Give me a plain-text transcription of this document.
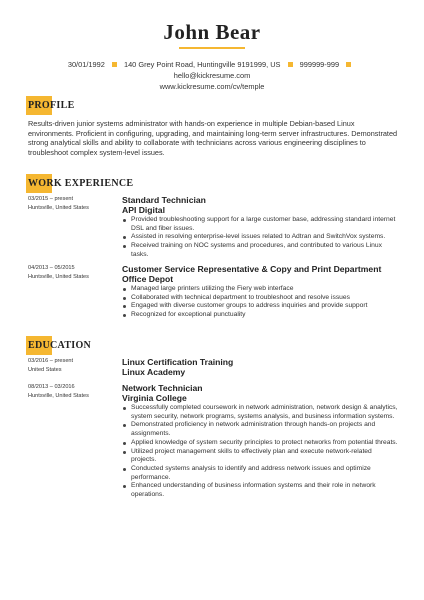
John Bear
30/01/1992	140 Grey Point Road, Huntingville 9191999, US	999999-999  hello@kickresume.com
www.kickresume.com/cv/temple
PROFILE
Results-driven junior systems administrator with hands-on experience in multiple Debian-based Linux environments. Proficient in configuring, upgrading, and maintaining long-term server infrastructures. Demonstrated strong analytical skills and ability to collaborate with technicians across various engineering disciplines to troubleshoot complex system-level issues.
WORK EXPERIENCE
03/2015 – present
Huntsville, United States
Standard Technician
API Digital
Provided troubleshooting support for a large customer base, addressing standard internet DSL and fiber issues.
Assisted in resolving enterprise-level issues related to Adtran and SwitchVox systems.
Received training on NOC systems and procedures, and contributed to various Linux tasks.
04/2013 – 05/2015
Huntsville, United States
Customer Service Representative & Copy and Print Department
Office Depot
Managed large printers utilizing the Fiery web interface
Collaborated with technical department to troubleshoot and resolve issues
Engaged with diverse customer groups to address inquiries and provide support
Recognized for exceptional punctuality
EDUCATION
03/2016 – present
United States
Linux Certification Training
Linux Academy
08/2013 – 03/2016
Huntsville, United States
Network Technician
Virginia College
Successfully completed coursework in network administration, network design & analytics, system security, network programs, systems analysis, and business information systems.
Demonstrated proficiency in network administration through hands-on projects and assignments.
Applied knowledge of system security principles to protect networks from potential threats.
Utilized project management skills to effectively plan and execute network-related projects.
Conducted systems analysis to identify and address network issues and optimize performance.
Enhanced understanding of business information systems and their role in network operations.
